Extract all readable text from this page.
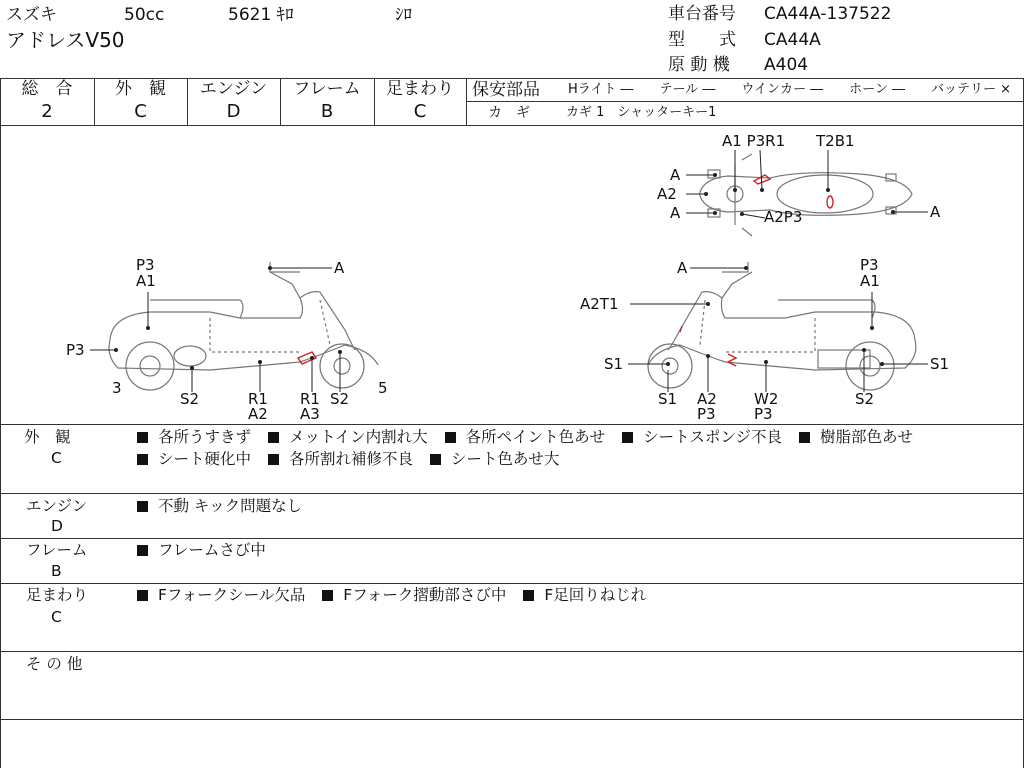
スズキ	50cc	5621 ｷﾛ	ｼﾛ
アドレスV50
車台番号 CA44A-137522
型　　式 CA44A
原 動 機 A404
総　合	外　観	エンジン	フレーム	足まわり
2	C	D	B	C
保安部品 Hライト ―　　テール ―　　ウインカー ―　　ホーン ―　　バッテリー ×
カ　ギ	カギ 1　シャッターキー1
A1 P3R1 T2B1
A
A2
A	A2P3	A
P3
A1
A
P3
3
S2	R1
A2
R1
A3
S2
5
A	P3
A1
A2T1
S1
S1 A2
P3
W2
P3
S2
S1
外　観
C
各所うすきず メットイン内割れ大 各所ペイント色あせ シートスポンジ不良 樹脂部色あせ
シート硬化中 各所割れ補修不良 シート色あせ大
エンジン
D
不動 キック問題なし
フレーム
B
フレームさび中
足まわり
C
Fフォークシール欠品 Fフォーク摺動部さび中 F足回りねじれ
そ の 他
